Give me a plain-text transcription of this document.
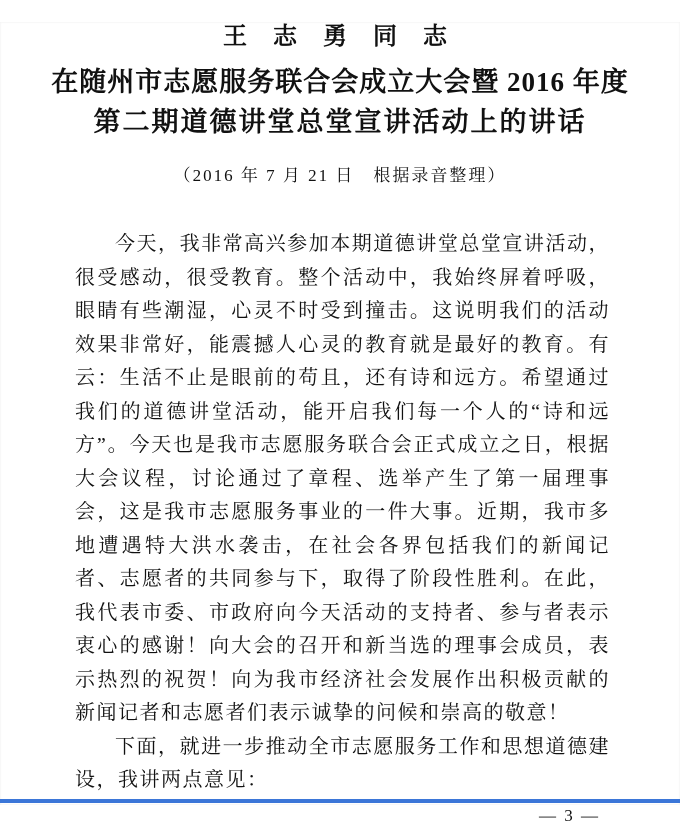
王 志 勇 同 志
在随州市志愿服务联合会成立大会暨 2016 年度
第二期道德讲堂总堂宣讲活动上的讲话
（2016 年 7 月 21 日　根据录音整理）

今天，我非常高兴参加本期道德讲堂总堂宣讲活动，很受感动，很受教育。整个活动中，我始终屏着呼吸，眼睛有些潮湿，心灵不时受到撞击。这说明我们的活动效果非常好，能震撼人心灵的教育就是最好的教育。有云：生活不止是眼前的苟且，还有诗和远方。希望通过我们的道德讲堂活动，能开启我们每一个人的“诗和远方”。今天也是我市志愿服务联合会正式成立之日，根据大会议程，讨论通过了章程、选举产生了第一届理事会，这是我市志愿服务事业的一件大事。近期，我市多地遭遇特大洪水袭击，在社会各界包括我们的新闻记者、志愿者的共同参与下，取得了阶段性胜利。在此，我代表市委、市政府向今天活动的支持者、参与者表示衷心的感谢！向大会的召开和新当选的理事会成员，表示热烈的祝贺！向为我市经济社会发展作出积极贡献的新闻记者和志愿者们表示诚挚的问候和崇高的敬意！

下面，就进一步推动全市志愿服务工作和思想道德建设，我讲两点意见：

— 3 —
